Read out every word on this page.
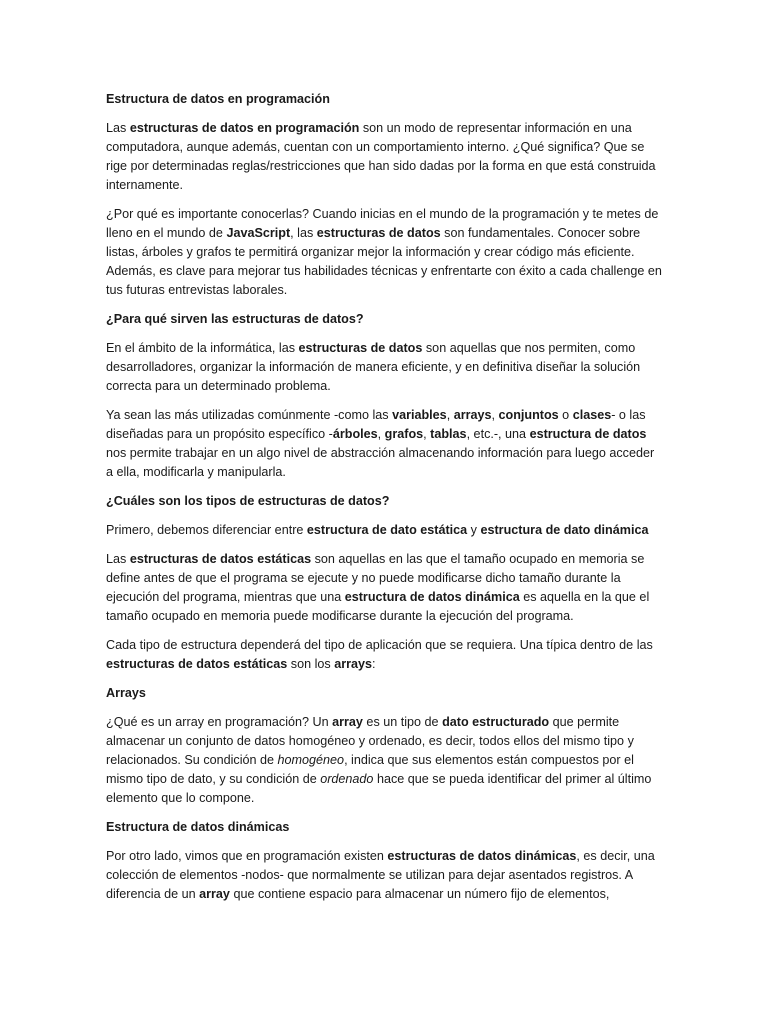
Estructura de datos en programación

Las estructuras de datos en programación son un modo de representar información en una computadora, aunque además, cuentan con un comportamiento interno. ¿Qué significa? Que se rige por determinadas reglas/restricciones que han sido dadas por la forma en que está construida internamente.

¿Por qué es importante conocerlas? Cuando inicias en el mundo de la programación y te metes de lleno en el mundo de JavaScript, las estructuras de datos son fundamentales. Conocer sobre listas, árboles y grafos te permitirá organizar mejor la información y crear código más eficiente. Además, es clave para mejorar tus habilidades técnicas y enfrentarte con éxito a cada challenge en tus futuras entrevistas laborales.

¿Para qué sirven las estructuras de datos?

En el ámbito de la informática, las estructuras de datos son aquellas que nos permiten, como desarrolladores, organizar la información de manera eficiente, y en definitiva diseñar la solución correcta para un determinado problema.

Ya sean las más utilizadas comúnmente -como las variables, arrays, conjuntos o clases- o las diseñadas para un propósito específico -árboles, grafos, tablas, etc.-, una estructura de datos nos permite trabajar en un algo nivel de abstracción almacenando información para luego acceder a ella, modificarla y manipularla.

¿Cuáles son los tipos de estructuras de datos?

Primero, debemos diferenciar entre estructura de dato estática y estructura de dato dinámica

Las estructuras de datos estáticas son aquellas en las que el tamaño ocupado en memoria se define antes de que el programa se ejecute y no puede modificarse dicho tamaño durante la ejecución del programa, mientras que una estructura de datos dinámica es aquella en la que el tamaño ocupado en memoria puede modificarse durante la ejecución del programa.

Cada tipo de estructura dependerá del tipo de aplicación que se requiera. Una típica dentro de las estructuras de datos estáticas son los arrays:

Arrays

¿Qué es un array en programación? Un array es un tipo de dato estructurado que permite almacenar un conjunto de datos homogéneo y ordenado, es decir, todos ellos del mismo tipo y relacionados. Su condición de homogéneo, indica que sus elementos están compuestos por el mismo tipo de dato, y su condición de ordenado hace que se pueda identificar del primer al último elemento que lo compone.

Estructura de datos dinámicas

Por otro lado, vimos que en programación existen estructuras de datos dinámicas, es decir, una colección de elementos -nodos- que normalmente se utilizan para dejar asentados registros. A diferencia de un array que contiene espacio para almacenar un número fijo de elementos,
